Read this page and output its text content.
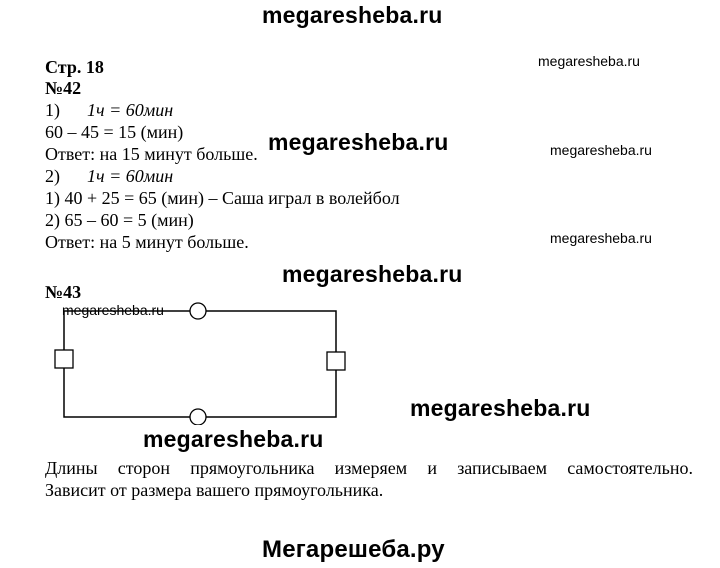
megaresheba.ru
Стр. 18
№42
1) 1ч = 60мин
60 – 45 = 15 (мин)
Ответ: на 15 минут больше.
2) 1ч = 60мин
1) 40 + 25 = 65 (мин) – Саша играл в волейбол
2) 65 – 60 = 5 (мин)
Ответ: на 5 минут больше.
№43
Длины сторон прямоугольника измеряем и записываем самостоятельно.
Зависит от размера вашего прямоугольника.
megaresheba.ru
megaresheba.ru
megaresheba.ru
megaresheba.ru
megaresheba.ru
megaresheba.ru
megaresheba.ru
megaresheba.ru
Мегарешеба.ру
